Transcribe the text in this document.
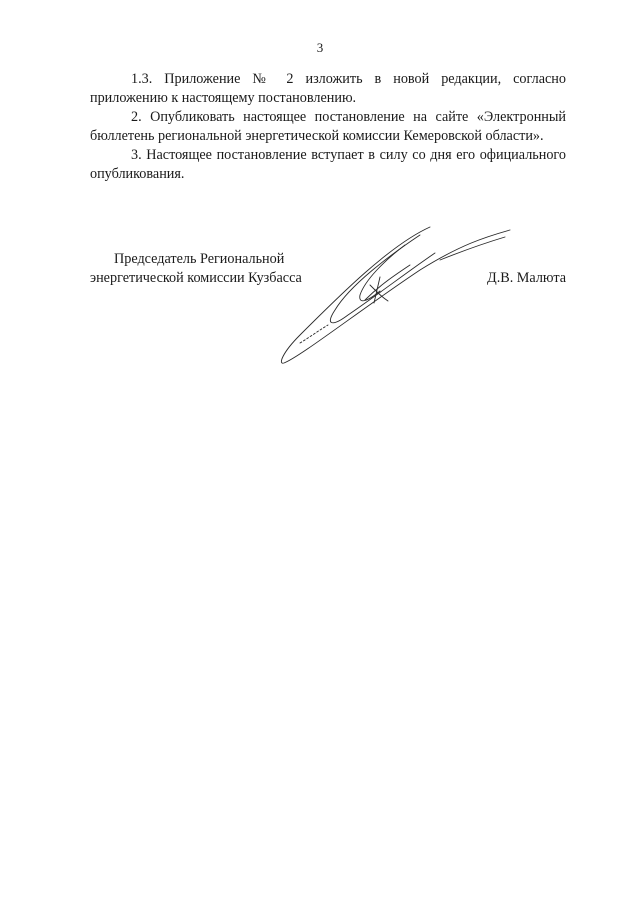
3

1.3. Приложение № 2 изложить в новой редакции, согласно приложению к настоящему постановлению.

2. Опубликовать настоящее постановление на сайте «Электронный бюллетень региональной энергетической комиссии Кемеровской области».

3. Настоящее постановление вступает в силу со дня его официального опубликования.

Председатель Региональной
энергетической комиссии Кузбасса	Д.В. Малюта
